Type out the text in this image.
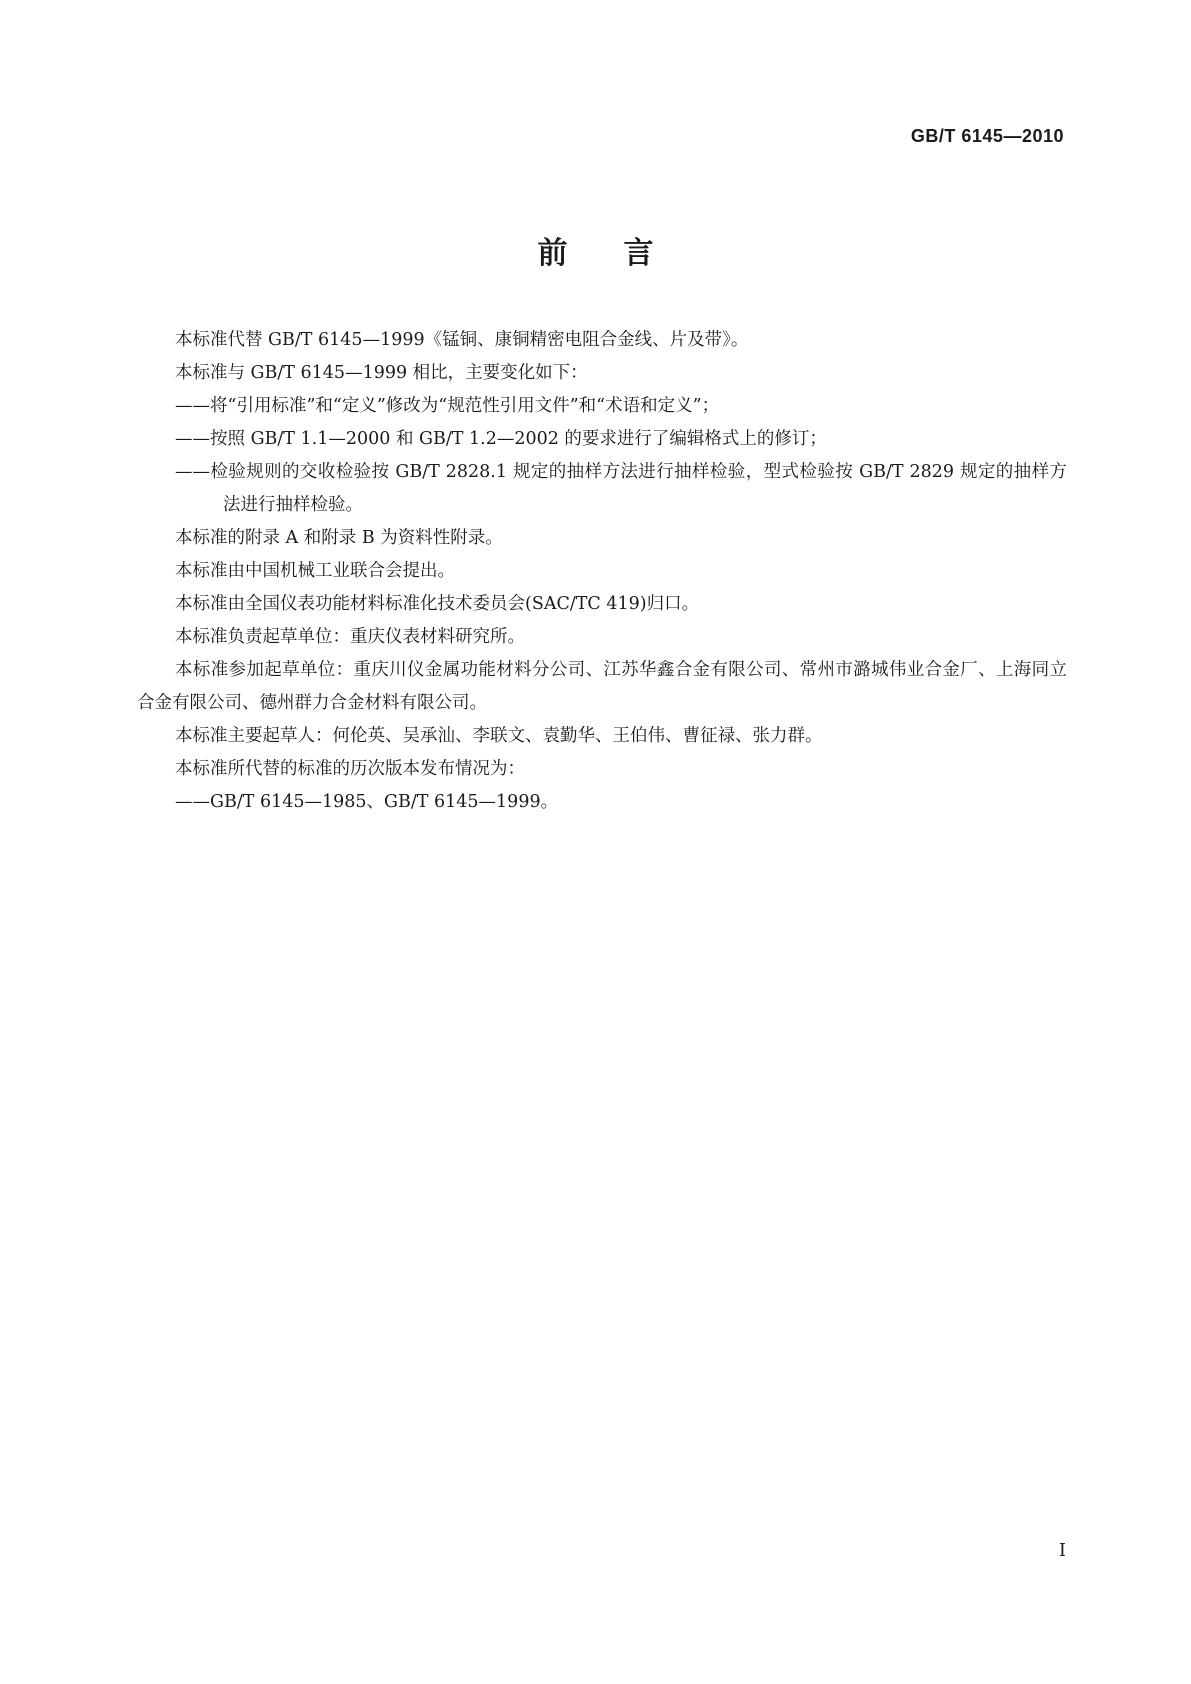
GB/T 6145—2010
前言

本标准代替 GB/T 6145—1999《锰铜、康铜精密电阻合金线、片及带》。

本标准与 GB/T 6145—1999 相比，主要变化如下：

——将“引用标准”和“定义”修改为“规范性引用文件”和“术语和定义”；

——按照 GB/T 1.1—2000 和 GB/T 1.2—2002 的要求进行了编辑格式上的修订；

——检验规则的交收检验按 GB/T 2828.1 规定的抽样方法进行抽样检验，型式检验按 GB/T 2829 规定的抽样方法进行抽样检验。

本标准的附录 A 和附录 B 为资料性附录。

本标准由中国机械工业联合会提出。

本标准由全国仪表功能材料标准化技术委员会(SAC/TC 419)归口。

本标准负责起草单位：重庆仪表材料研究所。

本标准参加起草单位：重庆川仪金属功能材料分公司、江苏华鑫合金有限公司、常州市潞城伟业合金厂、上海同立合金有限公司、德州群力合金材料有限公司。

本标准主要起草人：何伦英、吴承汕、李联文、袁勤华、王伯伟、曹征禄、张力群。

本标准所代替的标准的历次版本发布情况为：

——GB/T 6145—1985、GB/T 6145—1999。

I
